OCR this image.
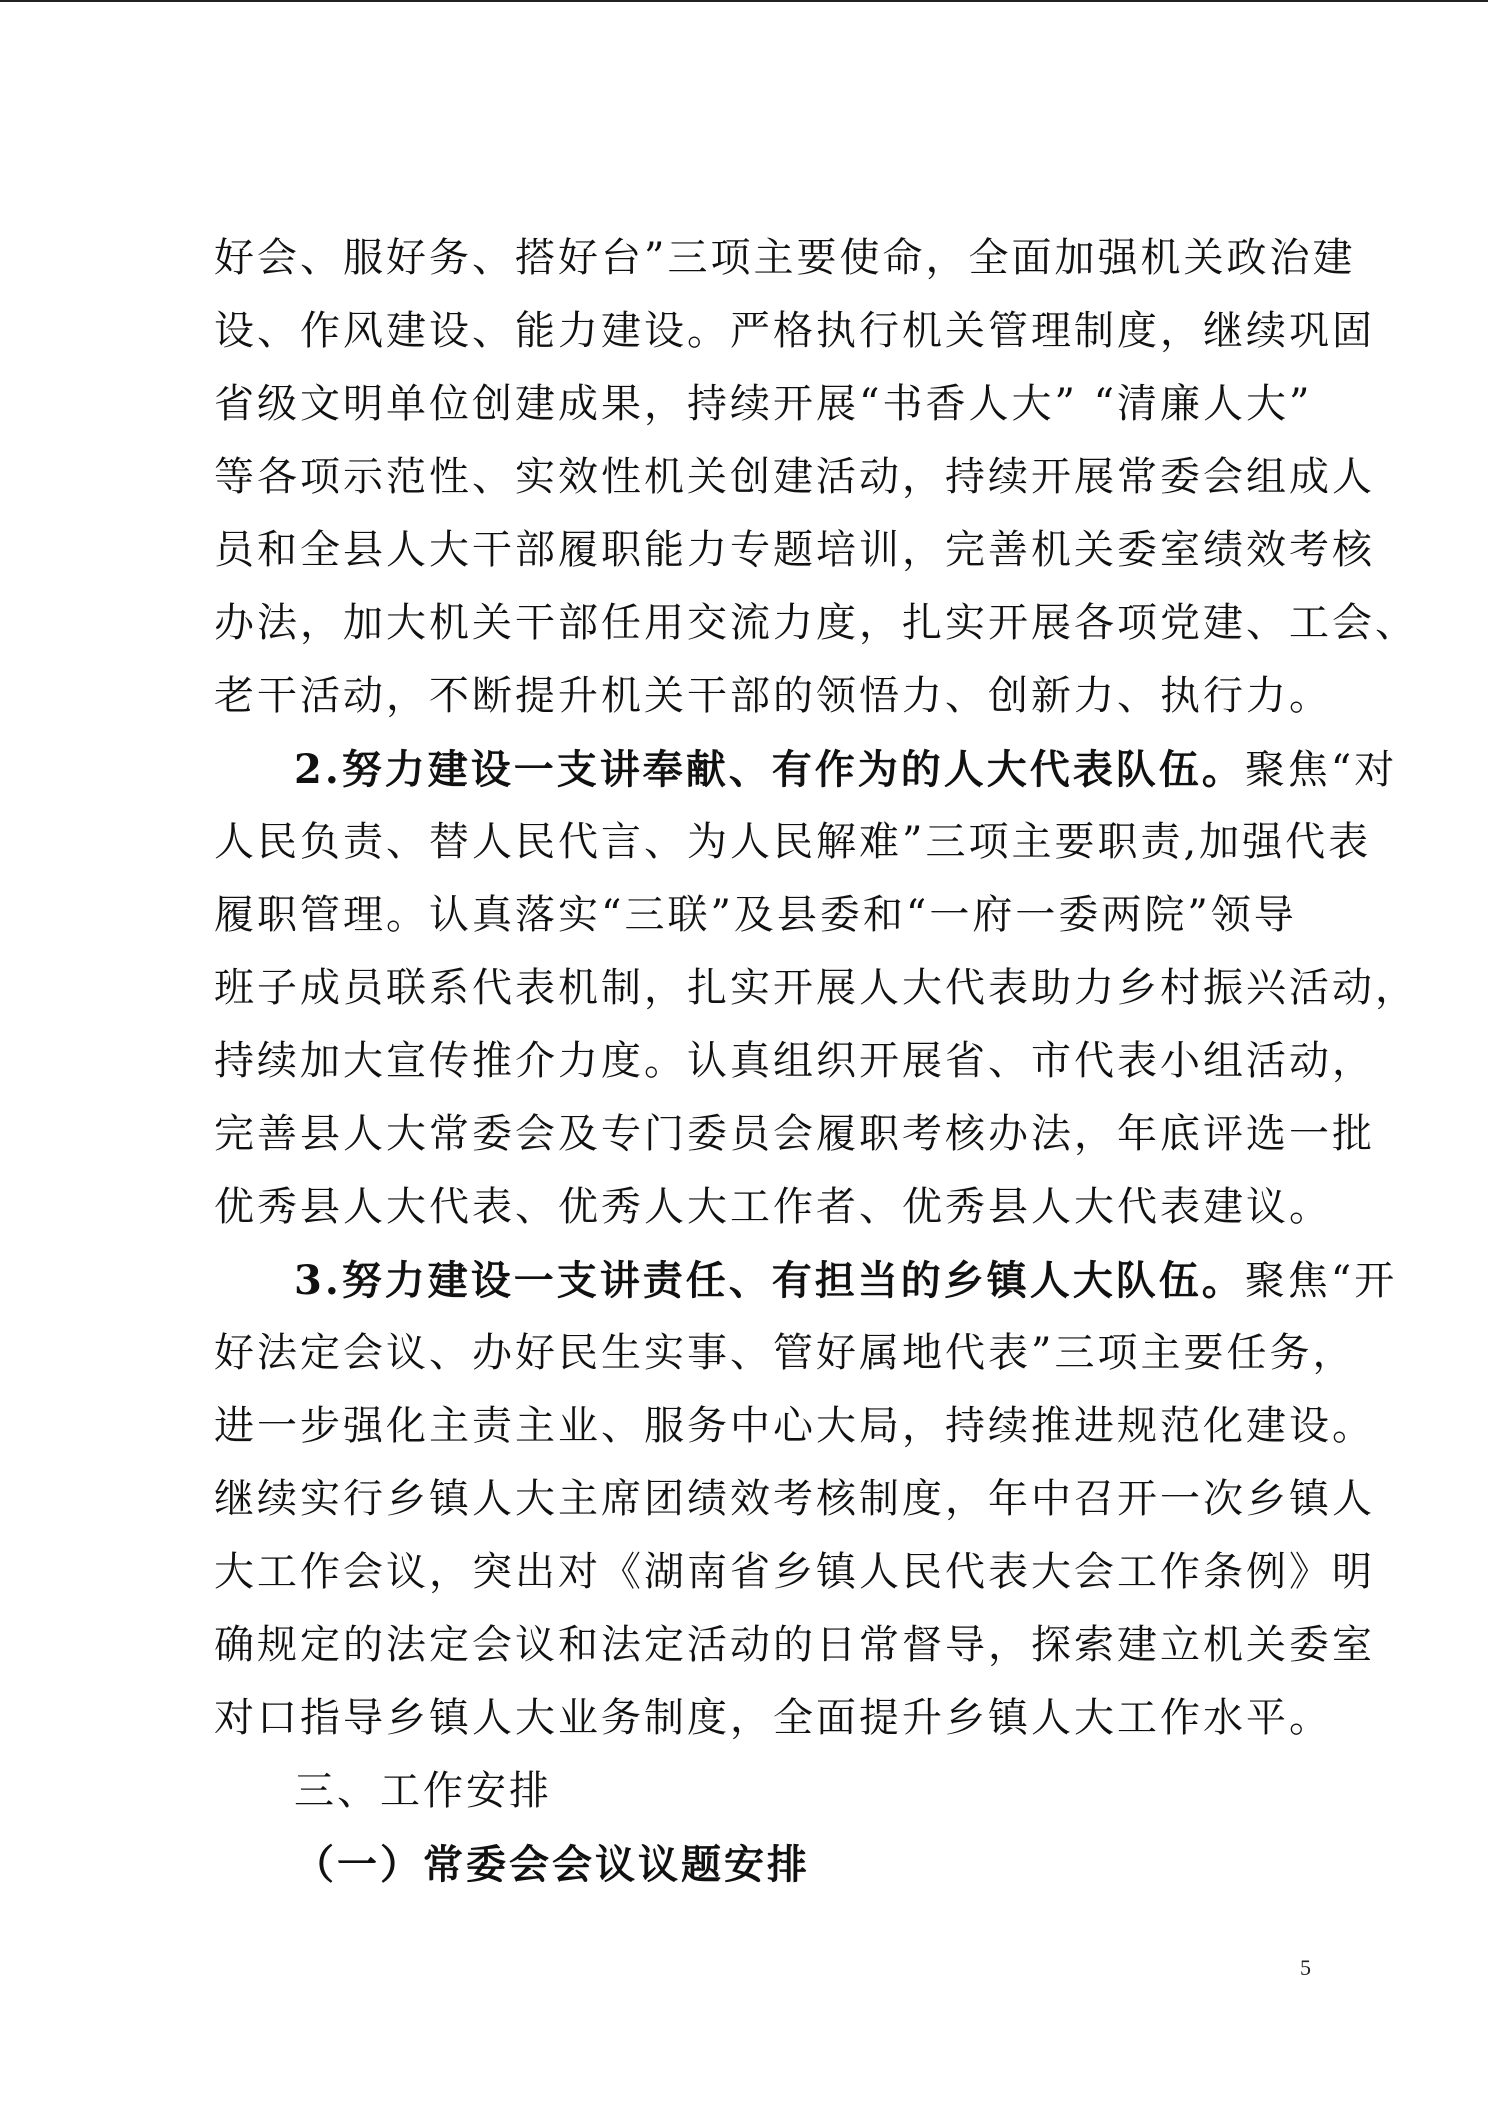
好会、服好务、搭好台”三项主要使命，全面加强机关政治建
设、作风建设、能力建设。严格执行机关管理制度，继续巩固
省级文明单位创建成果，持续开展“书香人大” “清廉人大”
等各项示范性、实效性机关创建活动，持续开展常委会组成人
员和全县人大干部履职能力专题培训，完善机关委室绩效考核
办法，加大机关干部任用交流力度，扎实开展各项党建、工会、
老干活动，不断提升机关干部的领悟力、创新力、执行力。
2.努力建设一支讲奉献、有作为的人大代表队伍。聚焦“对
人民负责、替人民代言、为人民解难”三项主要职责,加强代表
履职管理。认真落实“三联”及县委和“一府一委两院”领导
班子成员联系代表机制，扎实开展人大代表助力乡村振兴活动，
持续加大宣传推介力度。认真组织开展省、市代表小组活动，
完善县人大常委会及专门委员会履职考核办法，年底评选一批
优秀县人大代表、优秀人大工作者、优秀县人大代表建议。
3.努力建设一支讲责任、有担当的乡镇人大队伍。聚焦“开
好法定会议、办好民生实事、管好属地代表”三项主要任务，
进一步强化主责主业、服务中心大局，持续推进规范化建设。
继续实行乡镇人大主席团绩效考核制度，年中召开一次乡镇人
大工作会议，突出对《湖南省乡镇人民代表大会工作条例》明
确规定的法定会议和法定活动的日常督导，探索建立机关委室
对口指导乡镇人大业务制度，全面提升乡镇人大工作水平。
三、工作安排
（一）常委会会议议题安排
5
